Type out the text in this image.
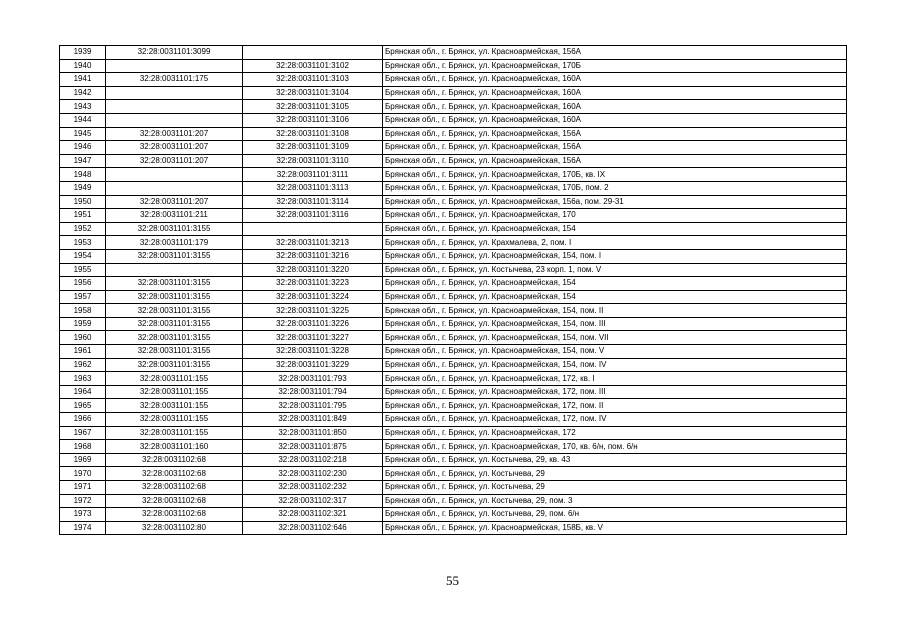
1939	32:28:0031101:3099		Брянская обл., г. Брянск, ул. Красноармейская, 156А
1940		32:28:0031101:3102	Брянская обл., г. Брянск, ул. Красноармейская, 170Б
1941	32:28:0031101:175	32:28:0031101:3103	Брянская обл., г. Брянск, ул. Красноармейская, 160А
1942		32:28:0031101:3104	Брянская обл., г. Брянск, ул. Красноармейская, 160А
1943		32:28:0031101:3105	Брянская обл., г. Брянск, ул. Красноармейская, 160А
1944		32:28:0031101:3106	Брянская обл., г. Брянск, ул. Красноармейская, 160А
1945	32:28:0031101:207	32:28:0031101:3108	Брянская обл., г. Брянск, ул. Красноармейская, 156А
1946	32:28:0031101:207	32:28:0031101:3109	Брянская обл., г. Брянск, ул. Красноармейская, 156А
1947	32:28:0031101:207	32:28:0031101:3110	Брянская обл., г. Брянск, ул. Красноармейская, 156А
1948		32:28:0031101:3111	Брянская обл., г. Брянск, ул. Красноармейская, 170Б, кв. IX
1949		32:28:0031101:3113	Брянская обл., г. Брянск, ул. Красноармейская, 170Б, пом. 2
1950	32:28:0031101:207	32:28:0031101:3114	Брянская обл., г. Брянск, ул. Красноармейская, 156а, пом. 29-31
1951	32:28:0031101:211	32:28:0031101:3116	Брянская обл., г. Брянск, ул. Красноармейская, 170
1952	32:28:0031101:3155		Брянская обл., г. Брянск, ул. Красноармейская, 154
1953	32:28:0031101:179	32:28:0031101:3213	Брянская обл., г. Брянск, ул. Крахмалева, 2, пом. I
1954	32:28:0031101:3155	32:28:0031101:3216	Брянская обл., г. Брянск, ул. Красноармейская, 154, пом. I
1955		32:28:0031101:3220	Брянская обл., г. Брянск, ул. Костычева, 23 корп. 1, пом. V
1956	32:28:0031101:3155	32:28:0031101:3223	Брянская обл., г. Брянск, ул. Красноармейская, 154
1957	32:28:0031101:3155	32:28:0031101:3224	Брянская обл., г. Брянск, ул. Красноармейская, 154
1958	32:28:0031101:3155	32:28:0031101:3225	Брянская обл., г. Брянск, ул. Красноармейская, 154, пом. II
1959	32:28:0031101:3155	32:28:0031101:3226	Брянская обл., г. Брянск, ул. Красноармейская, 154, пом. III
1960	32:28:0031101:3155	32:28:0031101:3227	Брянская обл., г. Брянск, ул. Красноармейская, 154, пом. VII
1961	32:28:0031101:3155	32:28:0031101:3228	Брянская обл., г. Брянск, ул. Красноармейская, 154, пом. V
1962	32:28:0031101:3155	32:28:0031101:3229	Брянская обл., г. Брянск, ул. Красноармейская, 154, пом. IV
1963	32:28:0031101:155	32:28:0031101:793	Брянская обл., г. Брянск, ул. Красноармейская, 172, кв. I
1964	32:28:0031101:155	32:28:0031101:794	Брянская обл., г. Брянск, ул. Красноармейская, 172, пом. III
1965	32:28:0031101:155	32:28:0031101:795	Брянская обл., г. Брянск, ул. Красноармейская, 172, пом. II
1966	32:28:0031101:155	32:28:0031101:849	Брянская обл., г. Брянск, ул. Красноармейская, 172, пом. IV
1967	32:28:0031101:155	32:28:0031101:850	Брянская обл., г. Брянск, ул. Красноармейская, 172
1968	32:28:0031101:160	32:28:0031101:875	Брянская обл., г. Брянск, ул. Красноармейская, 170, кв. 6/н, пом. 6/н
1969	32:28:0031102:68	32:28:0031102:218	Брянская обл., г. Брянск, ул. Костычева, 29, кв. 43
1970	32:28:0031102:68	32:28:0031102:230	Брянская обл., г. Брянск, ул. Костычева, 29
1971	32:28:0031102:68	32:28:0031102:232	Брянская обл., г. Брянск, ул. Костычева, 29
1972	32:28:0031102:68	32:28:0031102:317	Брянская обл., г. Брянск, ул. Костычева, 29, пом. 3
1973	32:28:0031102:68	32:28:0031102:321	Брянская обл., г. Брянск, ул. Костычева, 29, пом. 6/н
1974	32:28:0031102:80	32:28:0031102:646	Брянская обл., г. Брянск, ул. Красноармейская, 158Б, кв. V
55
